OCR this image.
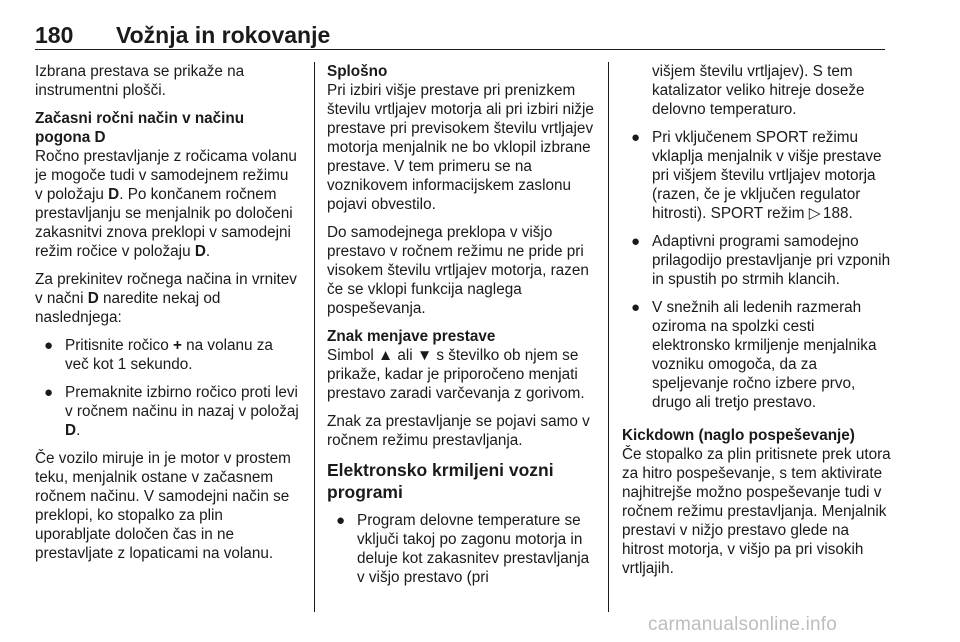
180 Vožnja in rokovanje

Izbrana prestava se prikaže na instrumentni plošči.

Začasni ročni način v načinu pogona D

Ročno prestavljanje z ročicama volanu je mogoče tudi v samodejnem režimu v položaju D. Po končanem ročnem prestavljanju se menjalnik po določeni zakasnitvi znova preklopi v samodejni režim ročice v položaju D.

Za prekinitev ročnega načina in vrnitev v načni D naredite nekaj od naslednjega:

● Pritisnite ročico + na volanu za več kot 1 sekundo.
● Premaknite izbirno ročico proti levi v ročnem načinu in nazaj v položaj D.

Če vozilo miruje in je motor v prostem teku, menjalnik ostane v začasnem ročnem načinu. V samodejni način se preklopi, ko stopalko za plin uporabljate določen čas in ne prestavljate z lopaticami na volanu.

Splošno

Pri izbiri višje prestave pri prenizkem številu vrtljajev motorja ali pri izbiri nižje prestave pri previsokem številu vrtljajev motorja menjalnik ne bo vklopil izbrane prestave. V tem primeru se na voznikovem informacijskem zaslonu pojavi obvestilo.

Do samodejnega preklopa v višjo prestavo v ročnem režimu ne pride pri visokem številu vrtljajev motorja, razen če se vklopi funkcija naglega pospeševanja.

Znak menjave prestave

Simbol ▲ ali ▼ s številko ob njem se prikaže, kadar je priporočeno menjati prestavo zaradi varčevanja z gorivom.

Znak za prestavljanje se pojavi samo v ročnem režimu prestavljanja.

Elektronsko krmiljeni vozni programi
● Program delovne temperature se vključi takoj po zagonu motorja in deluje kot zakasnitev prestavljanja v višjo prestavo (pri
višjem številu vrtljajev). S tem katalizator veliko hitreje doseže delovno temperaturo.
● Pri vključenem SPORT režimu vklaplja menjalnik v višje prestave pri višjem številu vrtljajev motorja (razen, če je vključen regulator hitrosti). SPORT režim ▷ 188.
● Adaptivni programi samodejno prilagodijo prestavljanje pri vzponih in spustih po strmih klancih.
● V snežnih ali ledenih razmerah oziroma na spolzki cesti elektronsko krmiljenje menjalnika vozniku omogoča, da za speljevanje ročno izbere prvo, drugo ali tretjo prestavo.
Kickdown (naglo pospeševanje)

Če stopalko za plin pritisnete prek utora za hitro pospeševanje, s tem aktivirate najhitrejše možno pospeševanje tudi v ročnem režimu prestavljanja. Menjalnik prestavi v nižjo prestavo glede na hitrost motorja, v višjo pa pri visokih vrtljajih.

carmanualsonline.info
